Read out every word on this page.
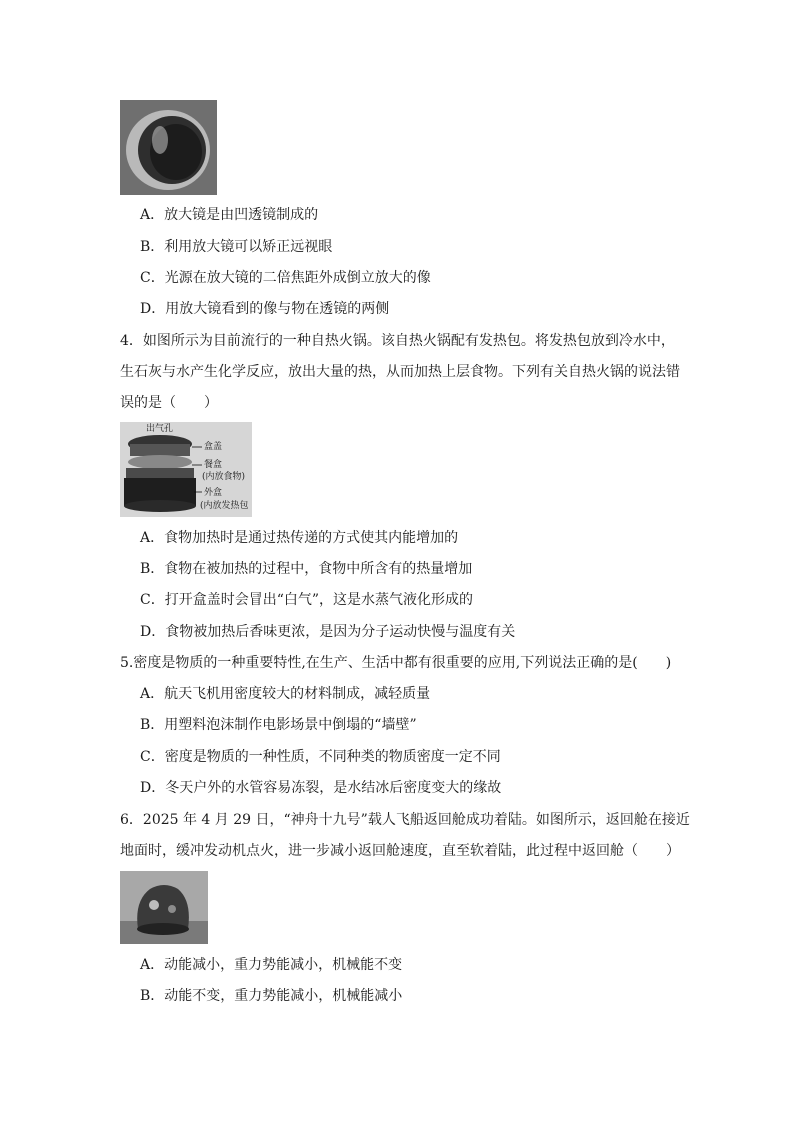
A．放大镜是由凹透镜制成的
B．利用放大镜可以矫正远视眼
C．光源在放大镜的二倍焦距外成倒立放大的像
D．用放大镜看到的像与物在透镜的两侧
4．如图所示为目前流行的一种自热火锅。该自热火锅配有发热包。将发热包放到冷水中，
生石灰与水产生化学反应，放出大量的热，从而加热上层食物。下列有关自热火锅的说法错
误的是（　　）
出气孔
盒盖
餐盒
(内放食物)
外盒
(内放发热包
A．食物加热时是通过热传递的方式使其内能增加的
B．食物在被加热的过程中，食物中所含有的热量增加
C．打开盒盖时会冒出“白气”，这是水蒸气液化形成的
D．食物被加热后香味更浓，是因为分子运动快慢与温度有关
5.密度是物质的一种重要特性,在生产、生活中都有很重要的应用,下列说法正确的是(　　)
A．航天飞机用密度较大的材料制成，减轻质量
B．用塑料泡沫制作电影场景中倒塌的“墙壁”
C．密度是物质的一种性质，不同种类的物质密度一定不同
D．冬天户外的水管容易冻裂，是水结冰后密度变大的缘故
6．2025 年 4 月 29 日，“神舟十九号”载人飞船返回舱成功着陆。如图所示，返回舱在接近
地面时，缓冲发动机点火，进一步减小返回舱速度，直至软着陆，此过程中返回舱（　　）
A．动能减小，重力势能减小，机械能不变
B．动能不变，重力势能减小，机械能减小
